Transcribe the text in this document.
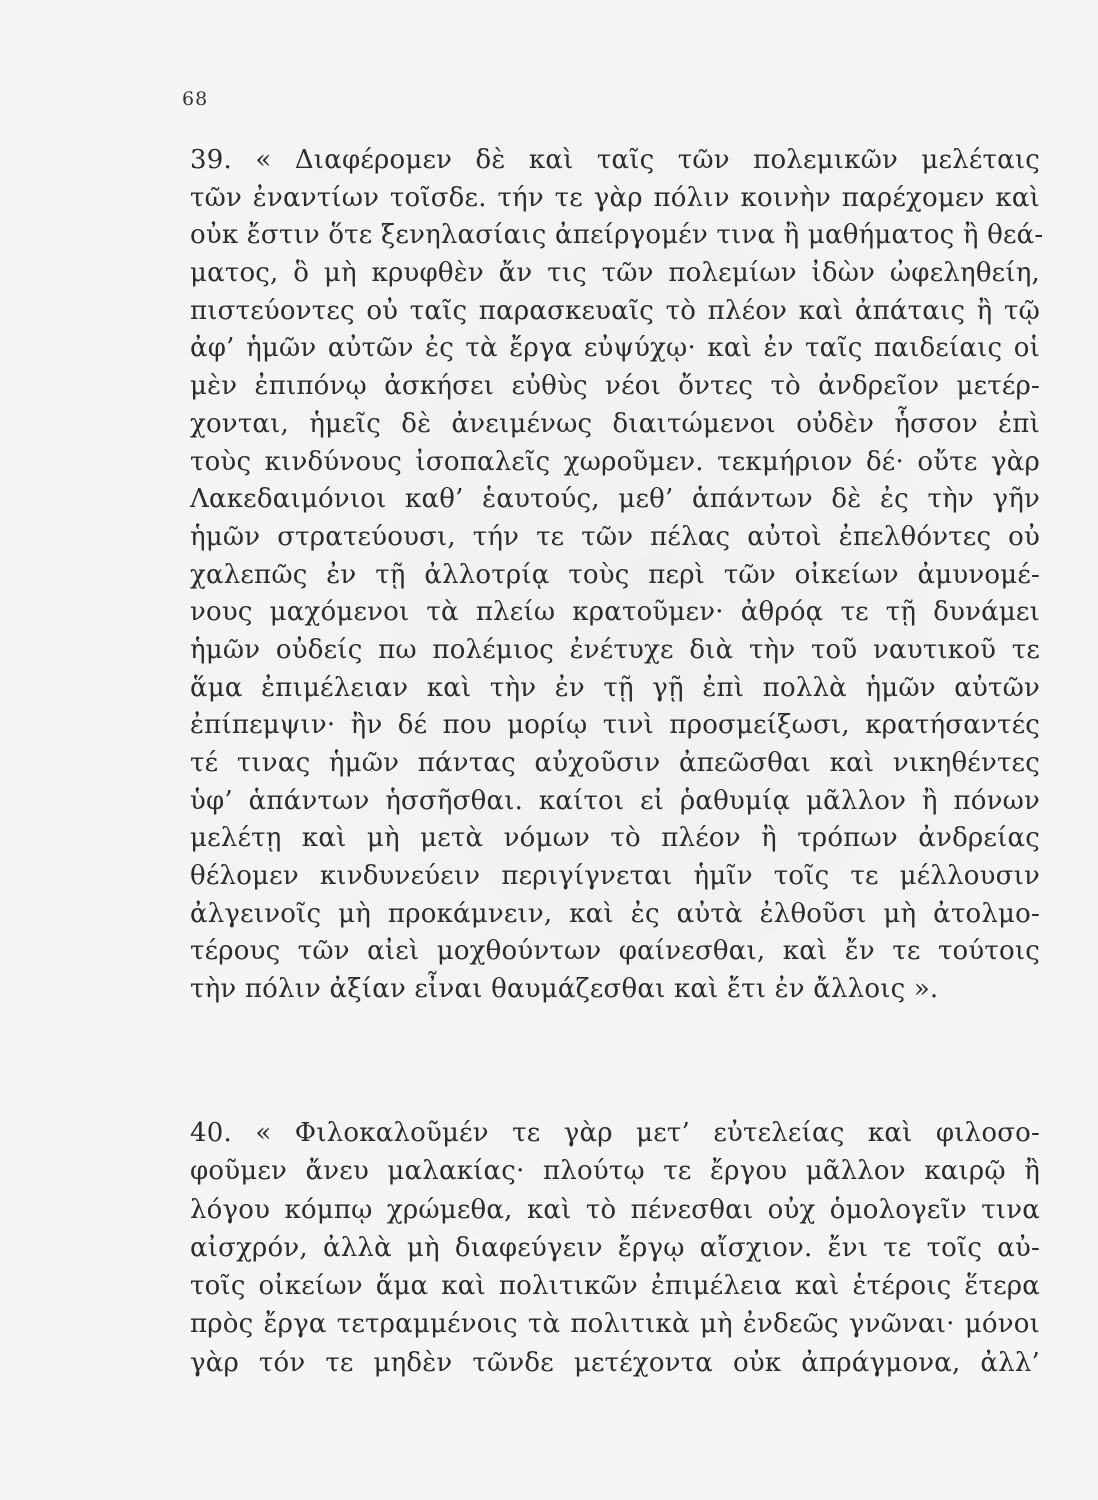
68
39. « Διαφέρομεν δὲ καὶ ταῖς τῶν πολεμικῶν μελέταις
τῶν ἐναντίων τοῖσδε. τήν τε γὰρ πόλιν κοινὴν παρέχομεν καὶ
οὐκ ἔστιν ὅτε ξενηλασίαις ἀπείργομέν τινα ἢ μαθήματος ἢ θεά-
ματος, ὃ μὴ κρυφθὲν ἄν τις τῶν πολεμίων ἰδὼν ὠφεληθείη,
πιστεύοντες οὐ ταῖς παρασκευαῖς τὸ πλέον καὶ ἀπάταις ἢ τῷ
ἀφ’ ἡμῶν αὐτῶν ἐς τὰ ἔργα εὐψύχῳ· καὶ ἐν ταῖς παιδείαις οἱ
μὲν ἐπιπόνῳ ἀσκήσει εὐθὺς νέοι ὄντες τὸ ἀνδρεῖον μετέρ-
χονται, ἡμεῖς δὲ ἀνειμένως διαιτώμενοι οὐδὲν ἧσσον ἐπὶ
τοὺς κινδύνους ἰσοπαλεῖς χωροῦμεν. τεκμήριον δέ· οὔτε γὰρ
Λακεδαιμόνιοι καθ’ ἑαυτούς, μεθ’ ἁπάντων δὲ ἐς τὴν γῆν
ἡμῶν στρατεύουσι, τήν τε τῶν πέλας αὐτοὶ ἐπελθόντες οὐ
χαλεπῶς ἐν τῇ ἀλλοτρίᾳ τοὺς περὶ τῶν οἰκείων ἀμυνομέ-
νους μαχόμενοι τὰ πλείω κρατοῦμεν· ἀθρόᾳ τε τῇ δυνάμει
ἡμῶν οὐδείς πω πολέμιος ἐνέτυχε διὰ τὴν τοῦ ναυτικοῦ τε
ἅμα ἐπιμέλειαν καὶ τὴν ἐν τῇ γῇ ἐπὶ πολλὰ ἡμῶν αὐτῶν
ἐπίπεμψιν· ἢν δέ που μορίῳ τινὶ προσμείξωσι, κρατήσαντές
τέ τινας ἡμῶν πάντας αὐχοῦσιν ἀπεῶσθαι καὶ νικηθέντες
ὑφ’ ἁπάντων ἡσσῆσθαι. καίτοι εἰ ῥαθυμίᾳ μᾶλλον ἢ πόνων
μελέτῃ καὶ μὴ μετὰ νόμων τὸ πλέον ἢ τρόπων ἀνδρείας
θέλομεν κινδυνεύειν περιγίγνεται ἡμῖν τοῖς τε μέλλουσιν
ἀλγεινοῖς μὴ προκάμνειν, καὶ ἐς αὐτὰ ἐλθοῦσι μὴ ἀτολμο-
τέρους τῶν αἰεὶ μοχθούντων φαίνεσθαι, καὶ ἔν τε τούτοις
τὴν πόλιν ἀξίαν εἶναι θαυμάζεσθαι καὶ ἔτι ἐν ἄλλοις ».
40. « Φιλοκαλοῦμέν τε γὰρ μετ’ εὐτελείας καὶ φιλοσο-
φοῦμεν ἄνευ μαλακίας· πλούτῳ τε ἔργου μᾶλλον καιρῷ ἢ
λόγου κόμπῳ χρώμεθα, καὶ τὸ πένεσθαι οὐχ ὁμολογεῖν τινα
αἰσχρόν, ἀλλὰ μὴ διαφεύγειν ἔργῳ αἴσχιον. ἔνι τε τοῖς αὐ-
τοῖς οἰκείων ἅμα καὶ πολιτικῶν ἐπιμέλεια καὶ ἑτέροις ἕτερα
πρὸς ἔργα τετραμμένοις τὰ πολιτικὰ μὴ ἐνδεῶς γνῶναι· μόνοι
γὰρ τόν τε μηδὲν τῶνδε μετέχοντα οὐκ ἀπράγμονα, ἀλλ’
